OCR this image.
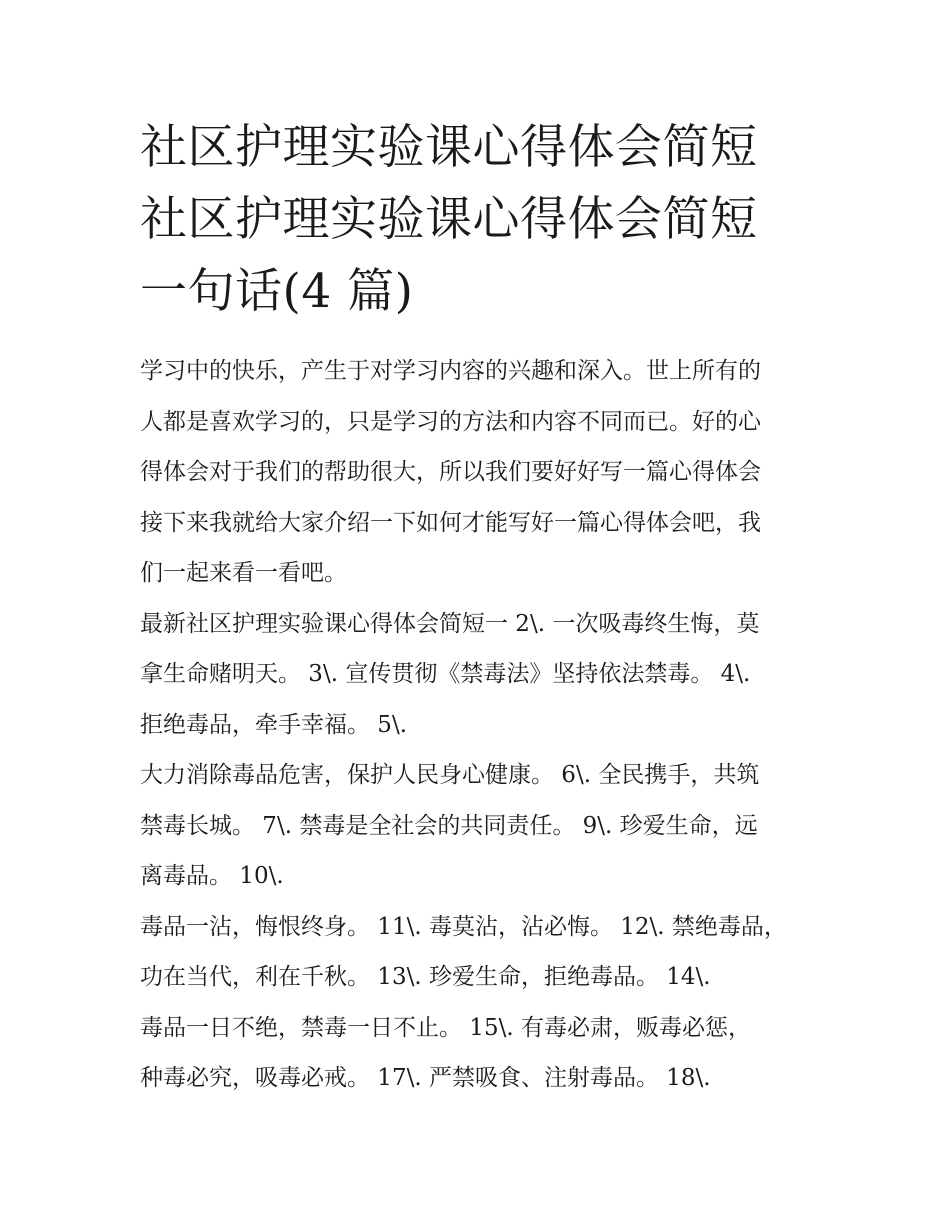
社区护理实验课心得体会简短
社区护理实验课心得体会简短
一句话(4 篇)

学习中的快乐，产生于对学习内容的兴趣和深入。世上所有的
人都是喜欢学习的，只是学习的方法和内容不同而已。好的心
得体会对于我们的帮助很大，所以我们要好好写一篇心得体会
接下来我就给大家介绍一下如何才能写好一篇心得体会吧，我
们一起来看一看吧。

最新社区护理实验课心得体会简短一 2\. 一次吸毒终生悔，莫
拿生命赌明天。 3\. 宣传贯彻《禁毒法》坚持依法禁毒。 4\.
拒绝毒品，牵手幸福。 5\.

大力消除毒品危害，保护人民身心健康。 6\. 全民携手，共筑
禁毒长城。 7\. 禁毒是全社会的共同责任。 9\. 珍爱生命，远
离毒品。 10\.

毒品一沾，悔恨终身。 11\. 毒莫沾，沾必悔。 12\. 禁绝毒品，
功在当代，利在千秋。 13\. 珍爱生命，拒绝毒品。 14\.

毒品一日不绝，禁毒一日不止。 15\. 有毒必肃，贩毒必惩，
种毒必究，吸毒必戒。 17\. 严禁吸食、注射毒品。 18\.
